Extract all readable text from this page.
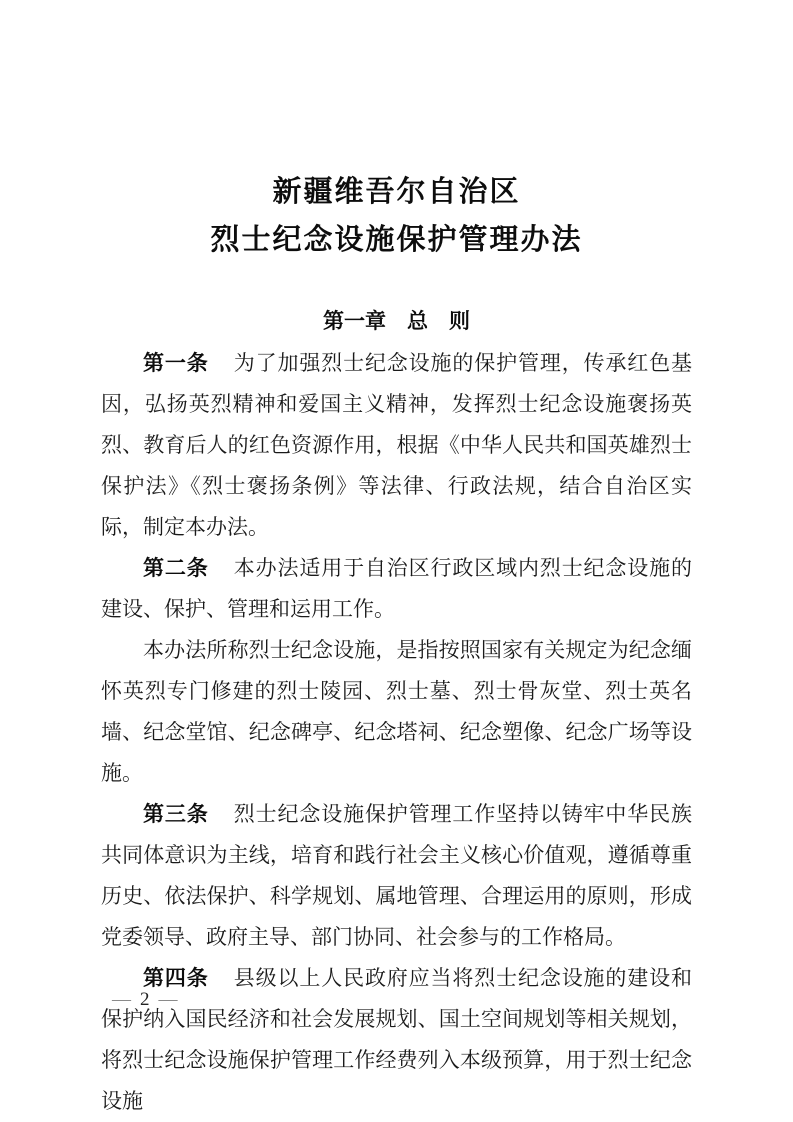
新疆维吾尔自治区
烈士纪念设施保护管理办法
第一章　总　则

第一条 为了加强烈士纪念设施的保护管理，传承红色基因，弘扬英烈精神和爱国主义精神，发挥烈士纪念设施褒扬英烈、教育后人的红色资源作用，根据《中华人民共和国英雄烈士保护法》《烈士褒扬条例》等法律、行政法规，结合自治区实际，制定本办法。

第二条 本办法适用于自治区行政区域内烈士纪念设施的建设、保护、管理和运用工作。

本办法所称烈士纪念设施，是指按照国家有关规定为纪念缅怀英烈专门修建的烈士陵园、烈士墓、烈士骨灰堂、烈士英名墙、纪念堂馆、纪念碑亭、纪念塔祠、纪念塑像、纪念广场等设施。

第三条 烈士纪念设施保护管理工作坚持以铸牢中华民族共同体意识为主线，培育和践行社会主义核心价值观，遵循尊重历史、依法保护、科学规划、属地管理、合理运用的原则，形成党委领导、政府主导、部门协同、社会参与的工作格局。

第四条 县级以上人民政府应当将烈士纪念设施的建设和保护纳入国民经济和社会发展规划、国土空间规划等相关规划，将烈士纪念设施保护管理工作经费列入本级预算，用于烈士纪念设施

— 2 —
